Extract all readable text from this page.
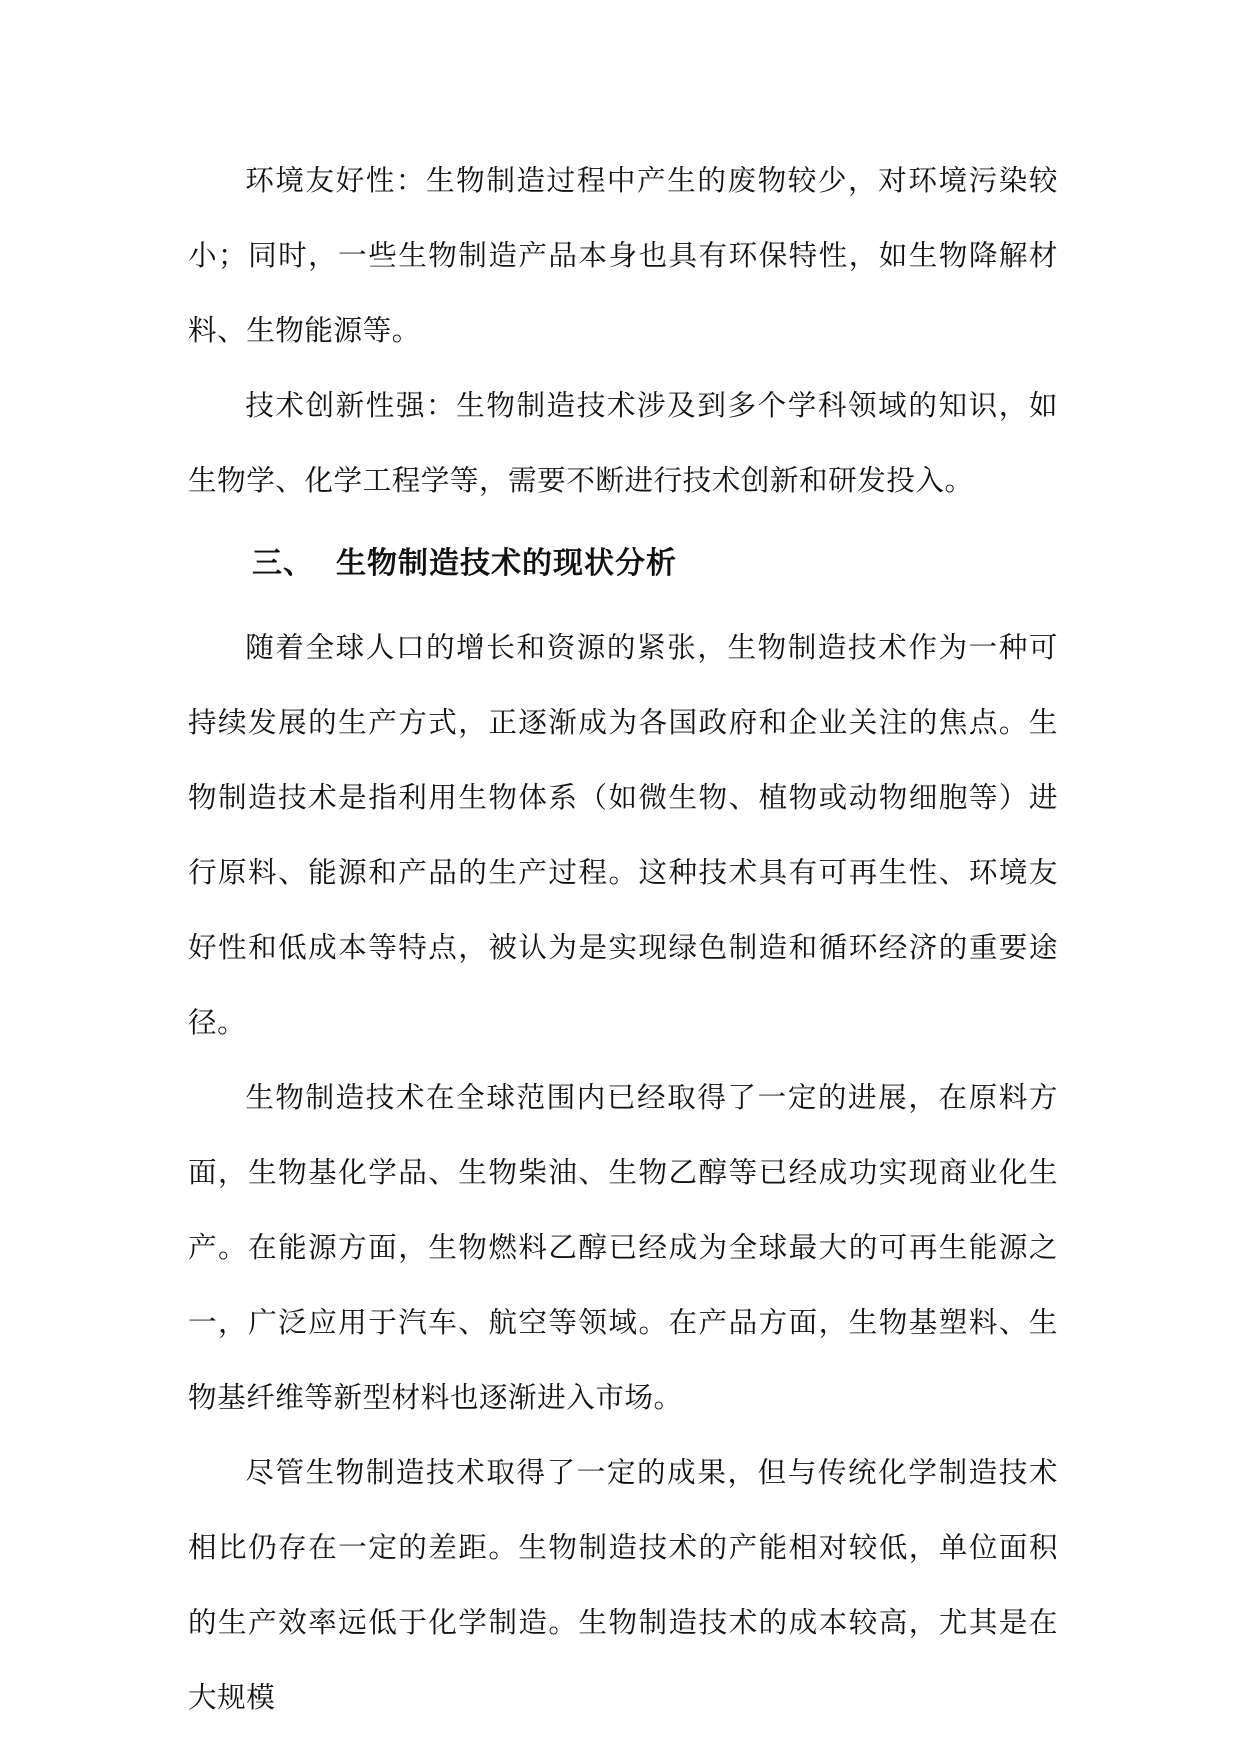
环境友好性：生物制造过程中产生的废物较少，对环境污染较小；同时，一些生物制造产品本身也具有环保特性，如生物降解材料、生物能源等。

技术创新性强：生物制造技术涉及到多个学科领域的知识，如生物学、化学工程学等，需要不断进行技术创新和研发投入。

三、 生物制造技术的现状分析

随着全球人口的增长和资源的紧张，生物制造技术作为一种可持续发展的生产方式，正逐渐成为各国政府和企业关注的焦点。生物制造技术是指利用生物体系（如微生物、植物或动物细胞等）进行原料、能源和产品的生产过程。这种技术具有可再生性、环境友好性和低成本等特点，被认为是实现绿色制造和循环经济的重要途径。

生物制造技术在全球范围内已经取得了一定的进展，在原料方面，生物基化学品、生物柴油、生物乙醇等已经成功实现商业化生产。在能源方面，生物燃料乙醇已经成为全球最大的可再生能源之一，广泛应用于汽车、航空等领域。在产品方面，生物基塑料、生物基纤维等新型材料也逐渐进入市场。

尽管生物制造技术取得了一定的成果，但与传统化学制造技术相比仍存在一定的差距。生物制造技术的产能相对较低，单位面积的生产效率远低于化学制造。生物制造技术的成本较高，尤其是在大规模
